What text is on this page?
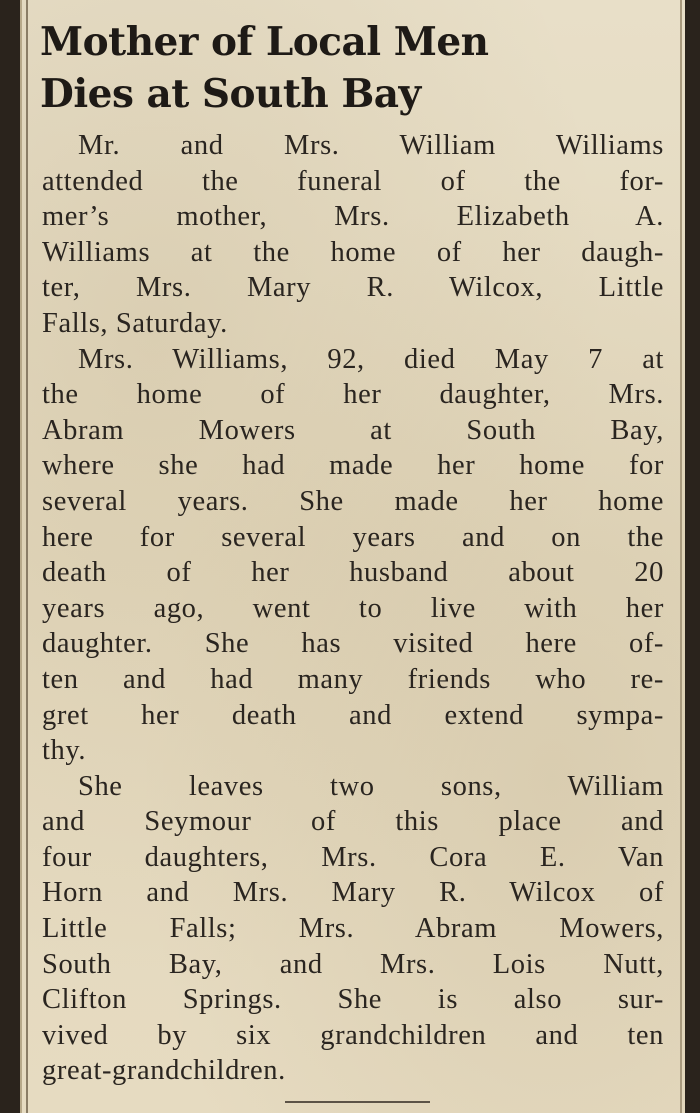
Mother of Local Men
Dies at South Bay
Mr. and Mrs. William Williams
attended the funeral of the for-
mer’s mother, Mrs. Elizabeth A.
Williams at the home of her daugh-
ter, Mrs. Mary R. Wilcox, Little
Falls, Saturday.
Mrs. Williams, 92, died May 7 at
the home of her daughter, Mrs.
Abram Mowers at South Bay,
where she had made her home for
several years. She made her home
here for several years and on the
death of her husband about 20
years ago, went to live with her
daughter. She has visited here of-
ten and had many friends who re-
gret her death and extend sympa-
thy.
She leaves two sons, William
and Seymour of this place and
four daughters, Mrs. Cora E. Van
Horn and Mrs. Mary R. Wilcox of
Little Falls; Mrs. Abram Mowers,
South Bay, and Mrs. Lois Nutt,
Clifton Springs. She is also sur-
vived by six grandchildren and ten
great-grandchildren.
